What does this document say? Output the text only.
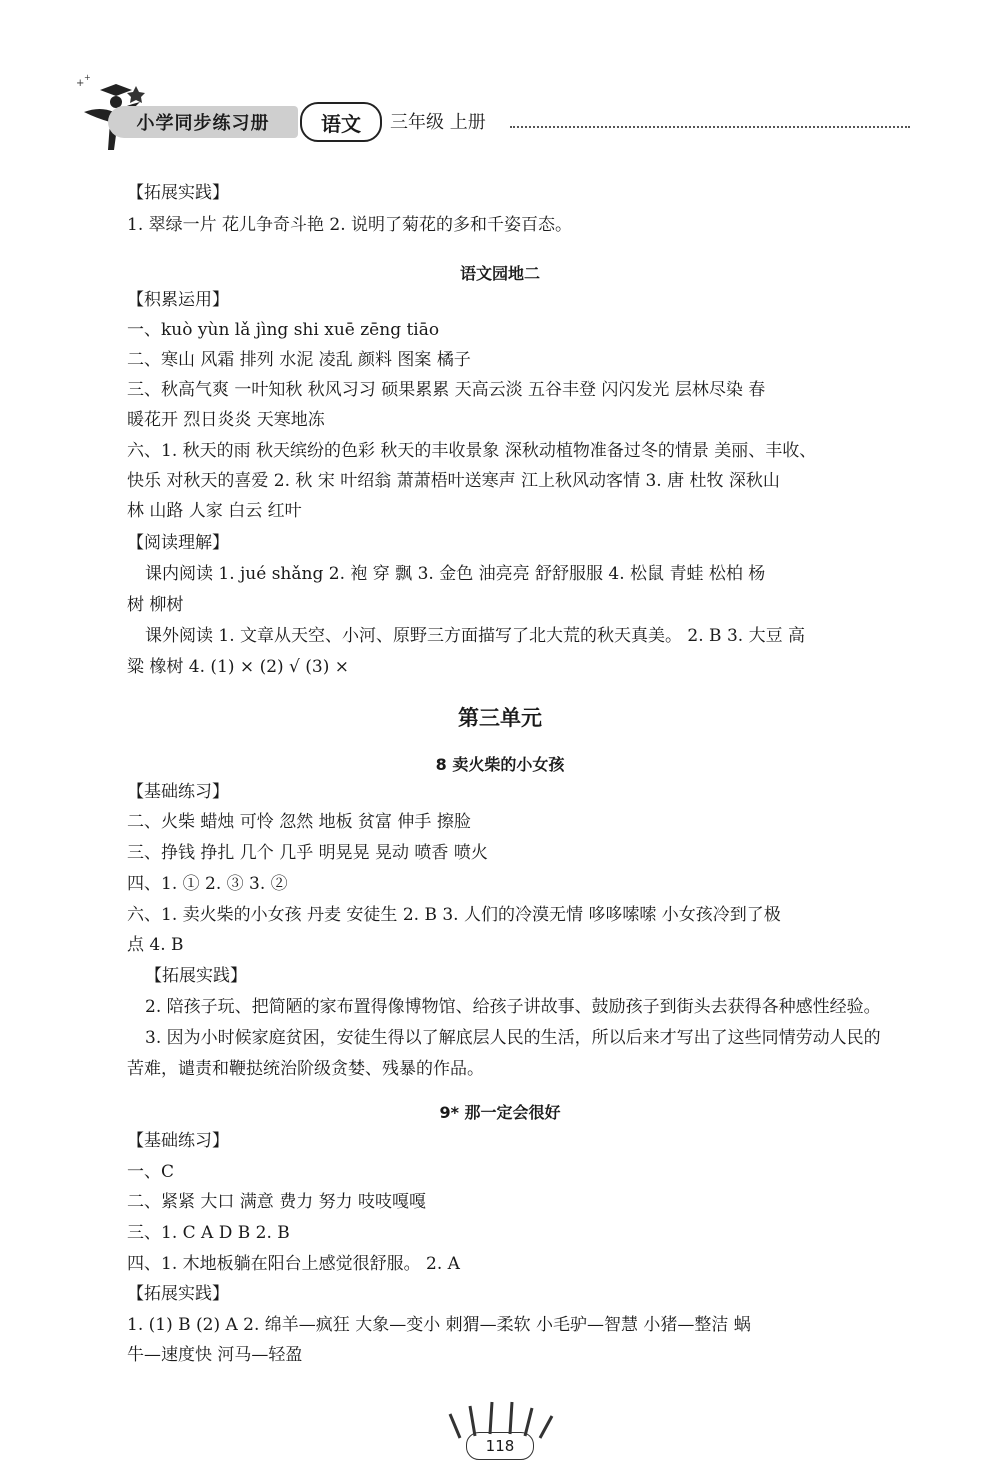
+
+
小学同步练习册	语文	三年级 上册
【拓展实践】
1. 翠绿一片 花儿争奇斗艳 2. 说明了菊花的多和千姿百态。
语文园地二
【积累运用】
一、kuò yùn lǎ jìng shi xuē zēng tiāo
二、寒山 风霜 排列 水泥 凌乱 颜料 图案 橘子
三、秋高气爽 一叶知秋 秋风习习 硕果累累 天高云淡 五谷丰登 闪闪发光 层林尽染 春
暖花开 烈日炎炎 天寒地冻
六、1. 秋天的雨 秋天缤纷的色彩 秋天的丰收景象 深秋动植物准备过冬的情景 美丽、丰收、
快乐 对秋天的喜爱 2. 秋 宋 叶绍翁 萧萧梧叶送寒声 江上秋风动客情 3. 唐 杜牧 深秋山
林 山路 人家 白云 红叶
【阅读理解】
课内阅读 1. jué shǎng 2. 袍 穿 飘 3. 金色 油亮亮 舒舒服服 4. 松鼠 青蛙 松柏 杨
树 柳树
课外阅读 1. 文章从天空、小河、原野三方面描写了北大荒的秋天真美。 2. B 3. 大豆 高
粱 橡树 4. (1) × (2) √ (3) ×
第三单元
8 卖火柴的小女孩
【基础练习】
二、火柴 蜡烛 可怜 忽然 地板 贫富 伸手 擦脸
三、挣钱 挣扎 几个 几乎 明晃晃 晃动 喷香 喷火
四、1. ① 2. ③ 3. ②
六、1. 卖火柴的小女孩 丹麦 安徒生 2. B 3. 人们的冷漠无情 哆哆嗦嗦 小女孩冷到了极
点 4. B
【拓展实践】
2. 陪孩子玩、把简陋的家布置得像博物馆、给孩子讲故事、鼓励孩子到街头去获得各种感性经验。
3. 因为小时候家庭贫困，安徒生得以了解底层人民的生活，所以后来才写出了这些同情劳动人民的
苦难，谴责和鞭挞统治阶级贪婪、残暴的作品。
9* 那一定会很好
【基础练习】
一、C
二、紧紧 大口 满意 费力 努力 吱吱嘎嘎
三、1. C A D B 2. B
四、1. 木地板躺在阳台上感觉很舒服。 2. A
【拓展实践】
1. (1) B (2) A 2. 绵羊—疯狂 大象—变小 刺猬—柔软 小毛驴—智慧 小猪—整洁 蜗
牛—速度快 河马—轻盈
118
